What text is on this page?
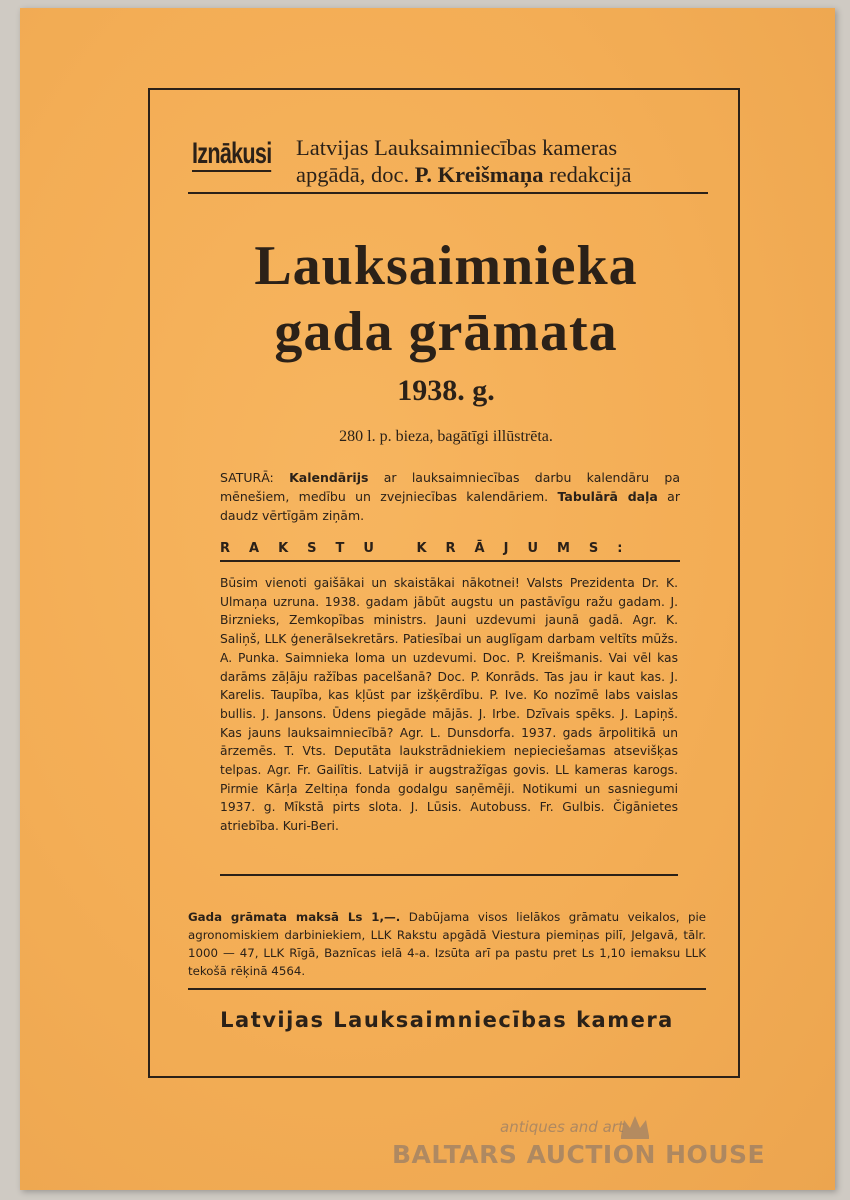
Iznākusi Latvijas Lauksaimniecības kameras
apgādā, doc. P. Kreišmaņa redakcijā
Lauksaimnieka
gada grāmata
1938. g.
280 l. p. bieza, bagātīgi illūstrēta.
SATURĀ: Kalendārijs ar lauksaimniecības darbu kalendāru pa mēnešiem, medību un zvejniecības kalendāriem. Tabulārā daļa ar daudz vērtīgām ziņām.
RAKSTU KRĀJUMS:
Būsim vienoti gaišākai un skaistākai nākotnei! Valsts Prezidenta Dr. K. Ulmaņa uzruna. 1938. gadam jābūt augstu un pastāvīgu ražu gadam. J. Birznieks, Zemkopības ministrs. Jauni uzdevumi jaunā gadā. Agr. K. Saliņš, LLK ģenerālsekretārs. Patiesībai un auglīgam darbam veltīts mūžs. A. Punka. Saimnieka loma un uzdevumi. Doc. P. Kreišmanis. Vai vēl kas darāms zāļāju ražības pacelšanā? Doc. P. Konrāds. Tas jau ir kaut kas. J. Karelis. Taupība, kas kļūst par izšķērdību. P. Ive. Ko nozīmē labs vaislas bullis. J. Jansons. Ūdens piegāde mājās. J. Irbe. Dzīvais spēks. J. Lapiņš. Kas jauns lauksaimniecībā? Agr. L. Dunsdorfa. 1937. gads ārpolitikā un ārzemēs. T. Vts. Deputāta laukstrādniekiem nepieciešamas atsevišķas telpas. Agr. Fr. Gailītis. Latvijā ir augstražīgas govis. LL kameras karogs. Pirmie Kārļa Zeltiņa fonda godalgu saņēmēji. Notikumi un sasniegumi 1937. g. Mīkstā pirts slota. J. Lūsis. Autobuss. Fr. Gulbis. Čigānietes atriebība. Kuri-Beri.
Gada grāmata maksā Ls 1,—. Dabūjama visos lielākos grāmatu veikalos, pie agronomiskiem darbiniekiem, LLK Rakstu apgādā Viestura piemiņas pilī, Jelgavā, tālr. 1000 — 47, LLK Rīgā, Baznīcas ielā 4-a. Izsūta arī pa pastu pret Ls 1,10 iemaksu LLK tekošā rēķinā 4564.
Latvijas Lauksaimniecības kamera
antiques and art
BALTARS AUCTION HOUSE
